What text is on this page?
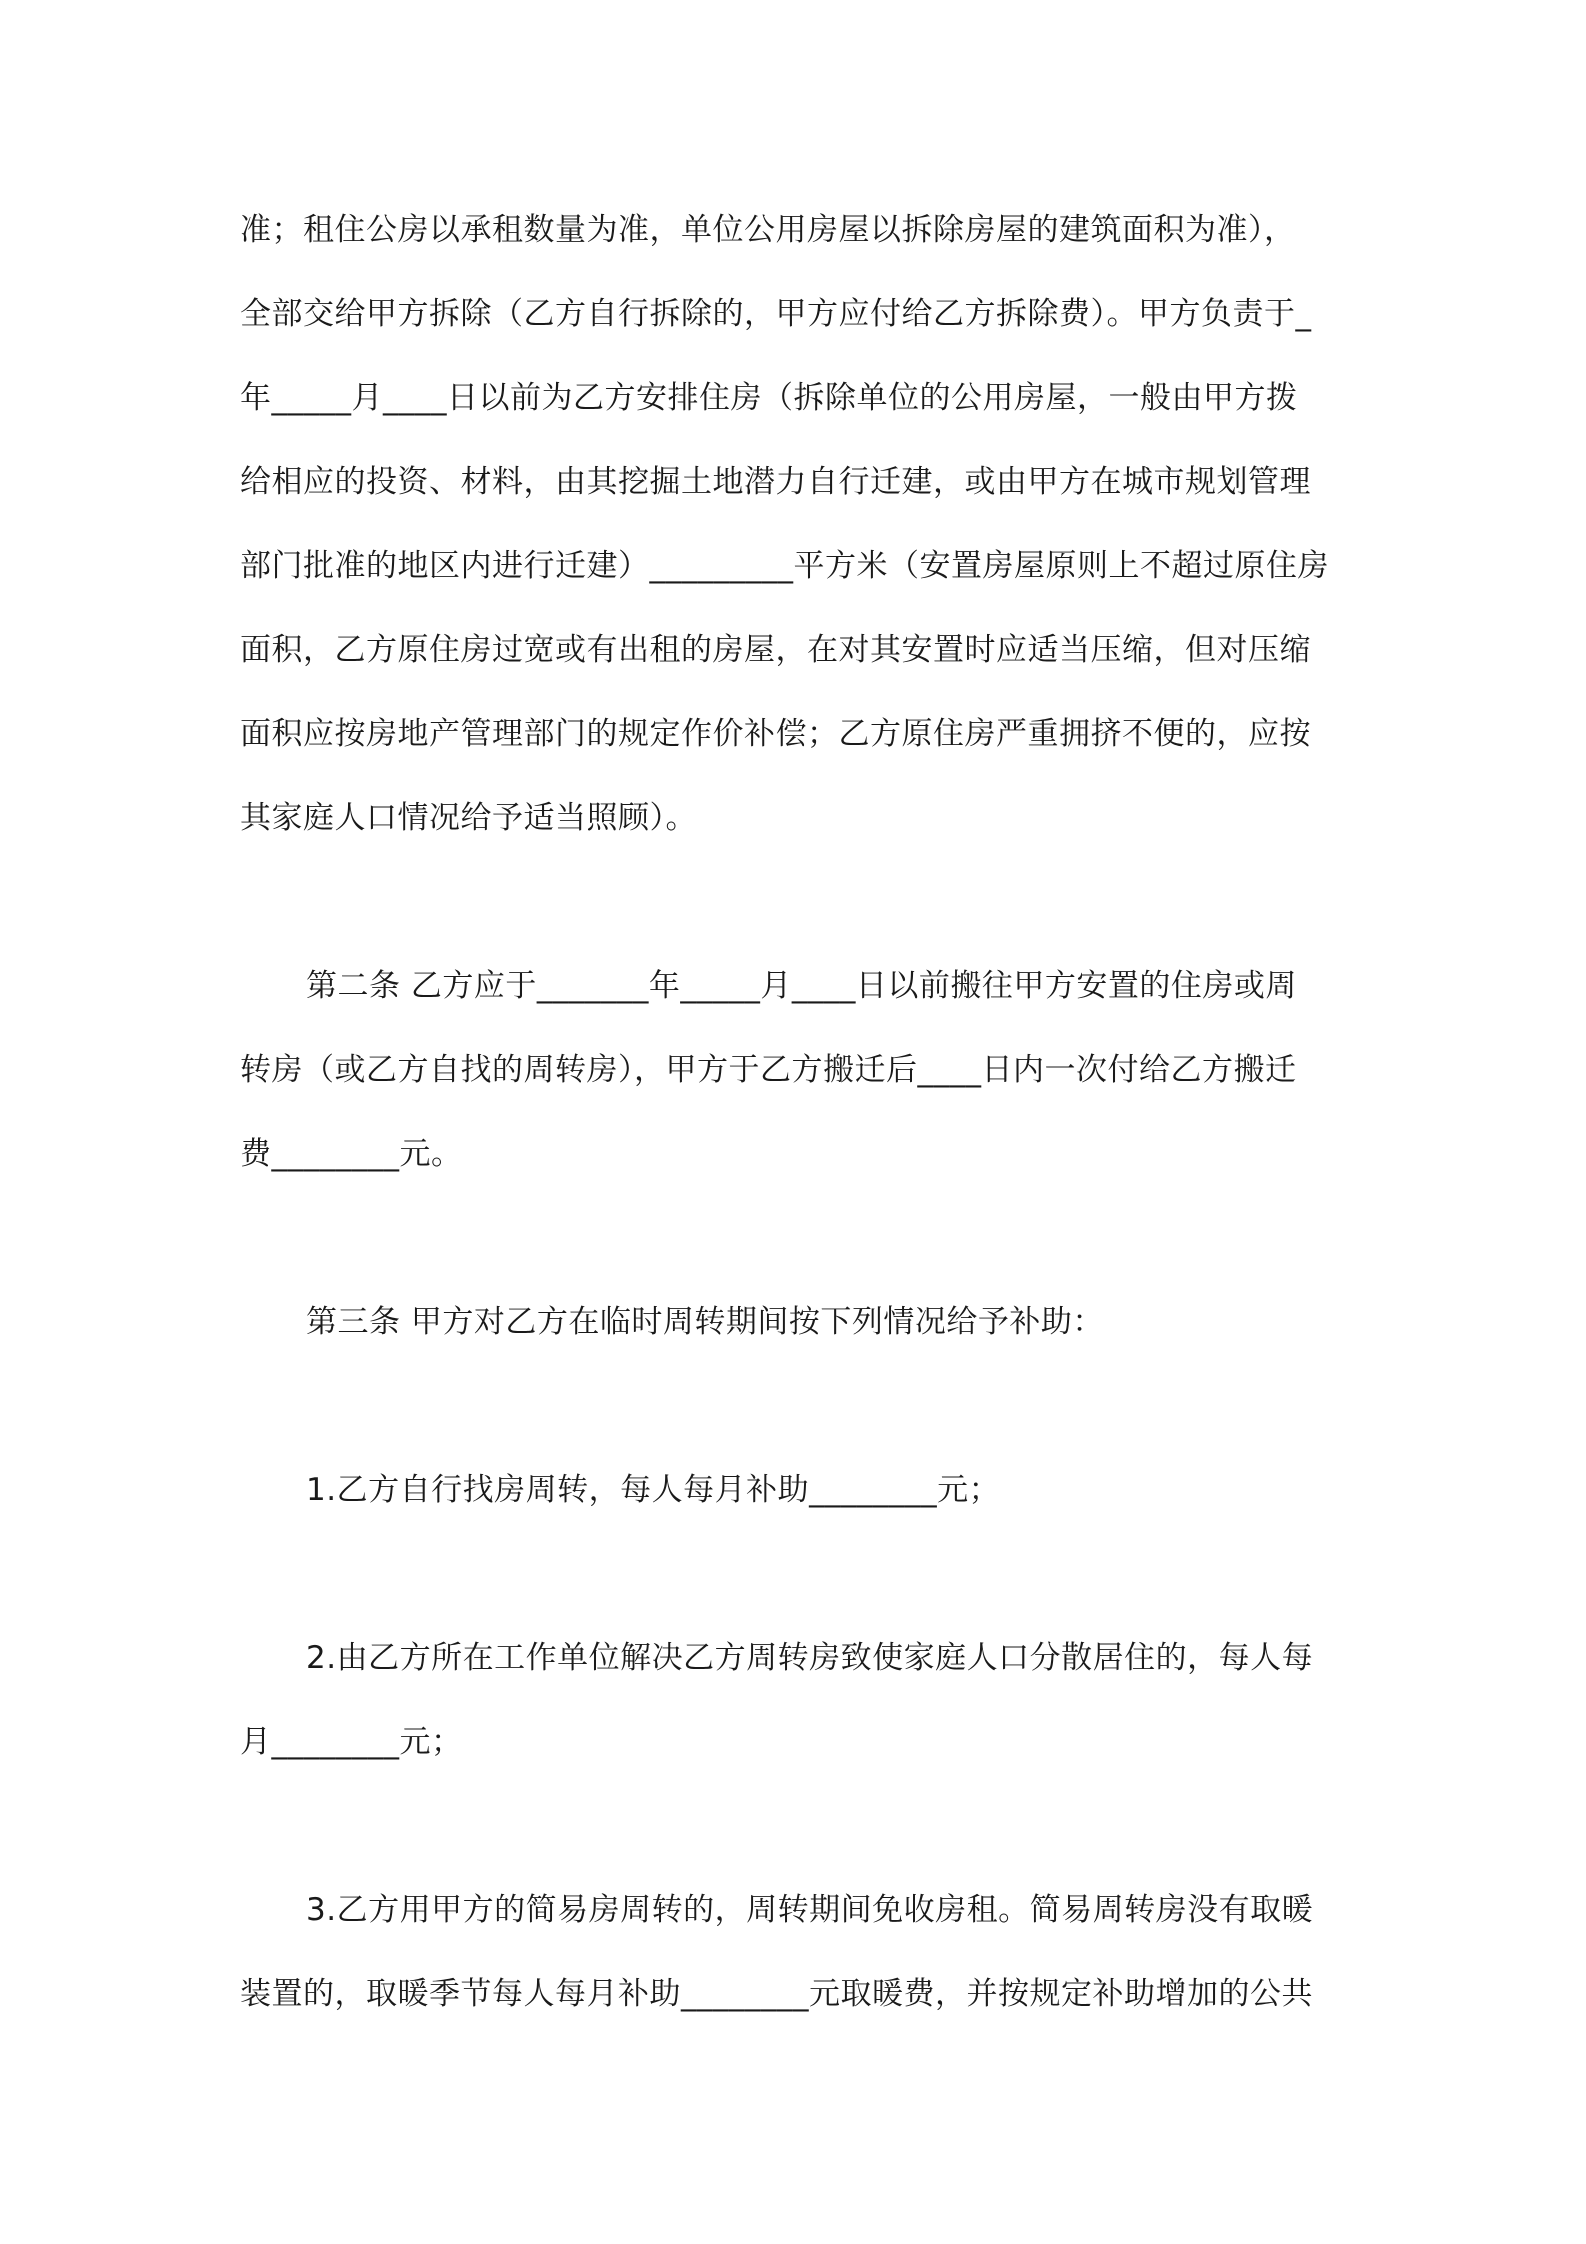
准；租住公房以承租数量为准，单位公用房屋以拆除房屋的建筑面积为准），
全部交给甲方拆除（乙方自行拆除的，甲方应付给乙方拆除费）。甲方负责于_
年_____月____日以前为乙方安排住房（拆除单位的公用房屋，一般由甲方拨
给相应的投资、材料，由其挖掘土地潜力自行迁建，或由甲方在城市规划管理
部门批准的地区内进行迁建）_________平方米（安置房屋原则上不超过原住房
面积，乙方原住房过宽或有出租的房屋，在对其安置时应适当压缩，但对压缩
面积应按房地产管理部门的规定作价补偿；乙方原住房严重拥挤不便的，应按
其家庭人口情况给予适当照顾）。
第二条 乙方应于_______年_____月____日以前搬往甲方安置的住房或周
转房（或乙方自找的周转房），甲方于乙方搬迁后____日内一次付给乙方搬迁
费________元。
第三条 甲方对乙方在临时周转期间按下列情况给予补助：
1.乙方自行找房周转，每人每月补助________元；
2.由乙方所在工作单位解决乙方周转房致使家庭人口分散居住的，每人每
月________元；
3.乙方用甲方的简易房周转的，周转期间免收房租。简易周转房没有取暖
装置的，取暖季节每人每月补助________元取暖费，并按规定补助增加的公共
